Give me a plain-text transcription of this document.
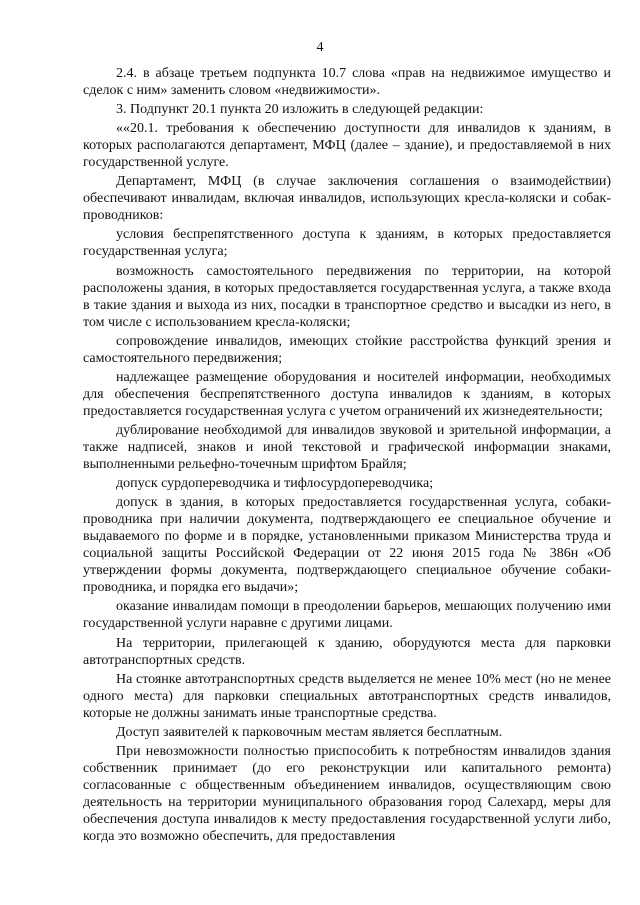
4

2.4. в абзаце третьем подпункта 10.7 слова «прав на недвижимое имущество и сделок с ним» заменить словом «недвижимости».

3. Подпункт 20.1 пункта 20 изложить в следующей редакции:

««20.1. требования к обеспечению доступности для инвалидов к зданиям, в которых располагаются департамент, МФЦ (далее – здание), и предоставляемой в них государственной услуге.

Департамент, МФЦ (в случае заключения соглашения о взаимодействии) обеспечивают инвалидам, включая инвалидов, использующих кресла-коляски и собак-проводников:

условия беспрепятственного доступа к зданиям, в которых предоставляется государственная услуга;

возможность самостоятельного передвижения по территории, на которой расположены здания, в которых предоставляется государственная услуга, а также входа в такие здания и выхода из них, посадки в транспортное средство и высадки из него, в том числе с использованием кресла-коляски;

сопровождение инвалидов, имеющих стойкие расстройства функций зрения и самостоятельного передвижения;

надлежащее размещение оборудования и носителей информации, необходимых для обеспечения беспрепятственного доступа инвалидов к зданиям, в которых предоставляется государственная услуга с учетом ограничений их жизнедеятельности;

дублирование необходимой для инвалидов звуковой и зрительной информации, а также надписей, знаков и иной текстовой и графической информации знаками, выполненными рельефно-точечным шрифтом Брайля;

допуск сурдопереводчика и тифлосурдопереводчика;

допуск в здания, в которых предоставляется государственная услуга, собаки-проводника при наличии документа, подтверждающего ее специальное обучение и выдаваемого по форме и в порядке, установленными приказом Министерства труда и социальной защиты Российской Федерации от 22 июня 2015 года № 386н «Об утверждении формы документа, подтверждающего специальное обучение собаки-проводника, и порядка его выдачи»;

оказание инвалидам помощи в преодолении барьеров, мешающих получению ими государственной услуги наравне с другими лицами.

На территории, прилегающей к зданию, оборудуются места для парковки автотранспортных средств.

На стоянке автотранспортных средств выделяется не менее 10% мест (но не менее одного места) для парковки специальных автотранспортных средств инвалидов, которые не должны занимать иные транспортные средства.

Доступ заявителей к парковочным местам является бесплатным.

При невозможности полностью приспособить к потребностям инвалидов здания собственник принимает (до его реконструкции или капитального ремонта) согласованные с общественным объединением инвалидов, осуществляющим свою деятельность на территории муниципального образования город Салехард, меры для обеспечения доступа инвалидов к месту предоставления государственной услуги либо, когда это возможно обеспечить, для предоставления
